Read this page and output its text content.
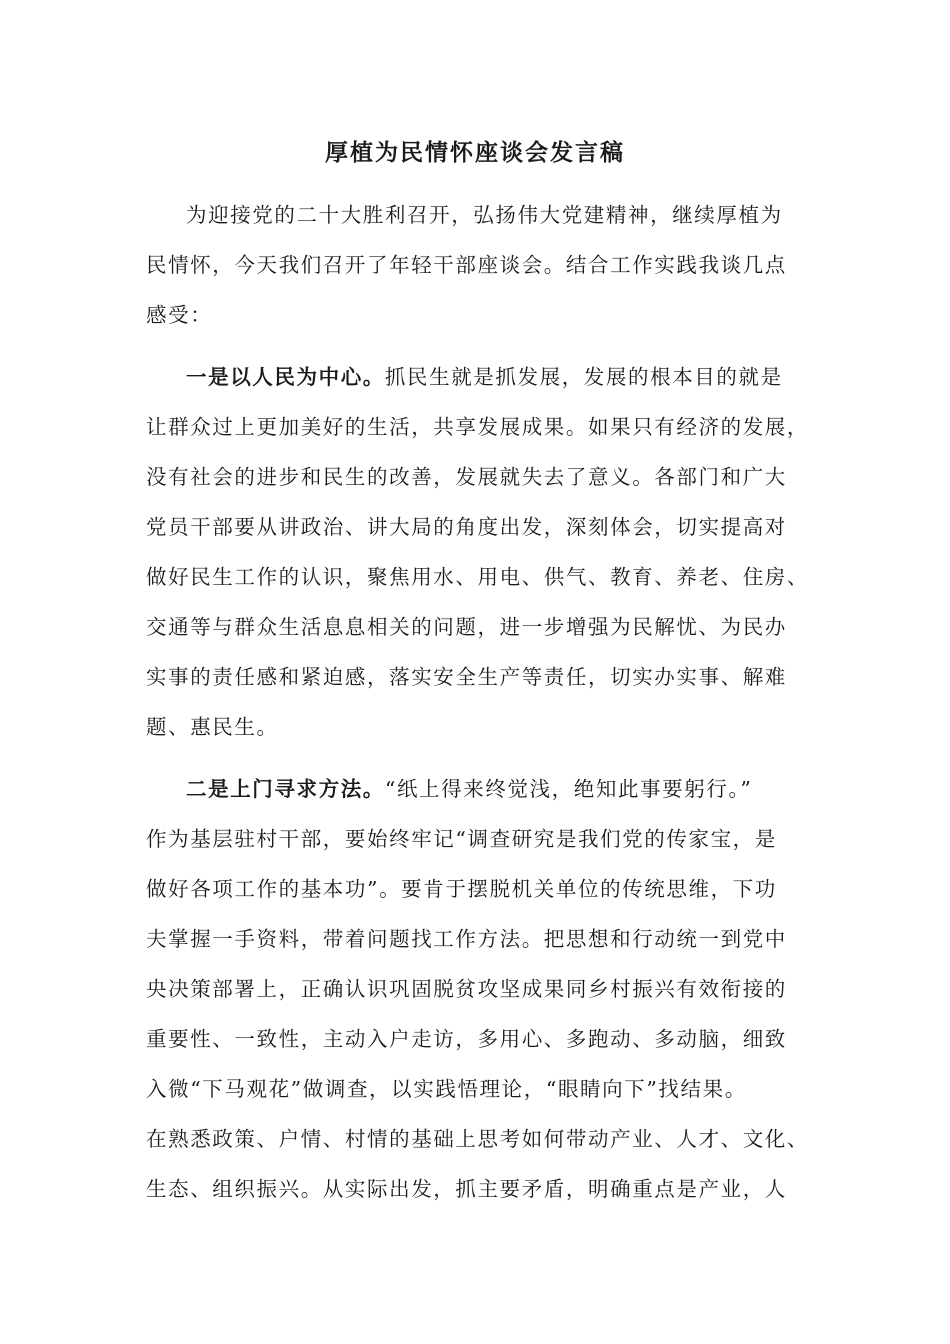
厚植为民情怀座谈会发言稿
为迎接党的二十大胜利召开，弘扬伟大党建精神，继续厚植为
民情怀，今天我们召开了年轻干部座谈会。结合工作实践我谈几点
感受：
一是以人民为中心。抓民生就是抓发展，发展的根本目的就是
让群众过上更加美好的生活，共享发展成果。如果只有经济的发展，
没有社会的进步和民生的改善，发展就失去了意义。各部门和广大
党员干部要从讲政治、讲大局的角度出发，深刻体会，切实提高对
做好民生工作的认识，聚焦用水、用电、供气、教育、养老、住房、
交通等与群众生活息息相关的问题，进一步增强为民解忧、为民办
实事的责任感和紧迫感，落实安全生产等责任，切实办实事、解难
题、惠民生。
二是上门寻求方法。“纸上得来终觉浅，绝知此事要躬行。”
作为基层驻村干部，要始终牢记“调查研究是我们党的传家宝，是
做好各项工作的基本功”。要肯于摆脱机关单位的传统思维，下功
夫掌握一手资料，带着问题找工作方法。把思想和行动统一到党中
央决策部署上，正确认识巩固脱贫攻坚成果同乡村振兴有效衔接的
重要性、一致性，主动入户走访，多用心、多跑动、多动脑，细致
入微“下马观花”做调查，以实践悟理论，“眼睛向下”找结果。
在熟悉政策、户情、村情的基础上思考如何带动产业、人才、文化、
生态、组织振兴。从实际出发，抓主要矛盾，明确重点是产业，人
